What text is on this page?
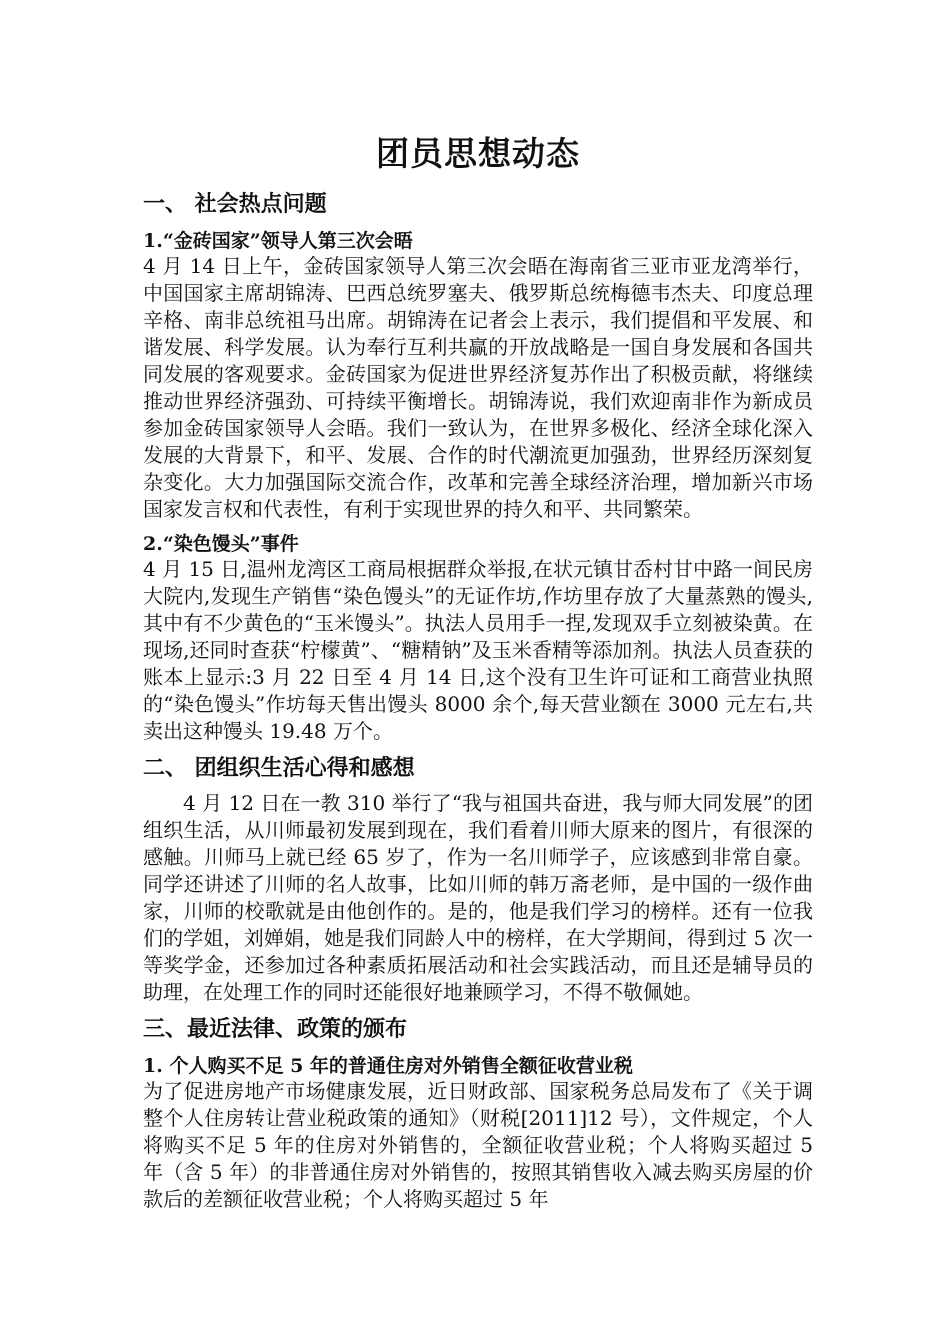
团员思想动态
一、 社会热点问题
1.“金砖国家”领导人第三次会晤

4 月 14 日上午，金砖国家领导人第三次会晤在海南省三亚市亚龙湾举行，中国国家主席胡锦涛、巴西总统罗塞夫、俄罗斯总统梅德韦杰夫、印度总理辛格、南非总统祖马出席。胡锦涛在记者会上表示，我们提倡和平发展、和谐发展、科学发展。认为奉行互利共赢的开放战略是一国自身发展和各国共同发展的客观要求。金砖国家为促进世界经济复苏作出了积极贡献，将继续推动世界经济强劲、可持续平衡增长。胡锦涛说，我们欢迎南非作为新成员参加金砖国家领导人会晤。我们一致认为，在世界多极化、经济全球化深入发展的大背景下，和平、发展、合作的时代潮流更加强劲，世界经历深刻复杂变化。大力加强国际交流合作，改革和完善全球经济治理，增加新兴市场国家发言权和代表性，有利于实现世界的持久和平、共同繁荣。

2.“染色馒头”事件

4 月 15 日,温州龙湾区工商局根据群众举报,在状元镇甘岙村甘中路一间民房大院内,发现生产销售“染色馒头”的无证作坊,作坊里存放了大量蒸熟的馒头,其中有不少黄色的“玉米馒头”。执法人员用手一捏,发现双手立刻被染黄。在现场,还同时查获“柠檬黄”、“糖精钠”及玉米香精等添加剂。执法人员查获的账本上显示:3 月 22 日至 4 月 14 日,这个没有卫生许可证和工商营业执照的“染色馒头”作坊每天售出馒头 8000 余个,每天营业额在 3000 元左右,共卖出这种馒头 19.48 万个。

二、 团组织生活心得和感想

4 月 12 日在一教 310 举行了“我与祖国共奋进，我与师大同发展”的团组织生活，从川师最初发展到现在，我们看着川师大原来的图片，有很深的感触。川师马上就已经 65 岁了，作为一名川师学子，应该感到非常自豪。同学还讲述了川师的名人故事，比如川师的韩万斋老师，是中国的一级作曲家，川师的校歌就是由他创作的。是的，他是我们学习的榜样。还有一位我们的学姐，刘婵娟，她是我们同龄人中的榜样，在大学期间，得到过 5 次一等奖学金，还参加过各种素质拓展活动和社会实践活动，而且还是辅导员的助理，在处理工作的同时还能很好地兼顾学习，不得不敬佩她。

三、最近法律、政策的颁布
1. 个人购买不足 5 年的普通住房对外销售全额征收营业税

为了促进房地产市场健康发展，近日财政部、国家税务总局发布了《关于调整个人住房转让营业税政策的通知》（财税[2011]12 号），文件规定，个人将购买不足 5 年的住房对外销售的，全额征收营业税；个人将购买超过 5 年（含 5 年）的非普通住房对外销售的，按照其销售收入减去购买房屋的价款后的差额征收营业税；个人将购买超过 5 年
